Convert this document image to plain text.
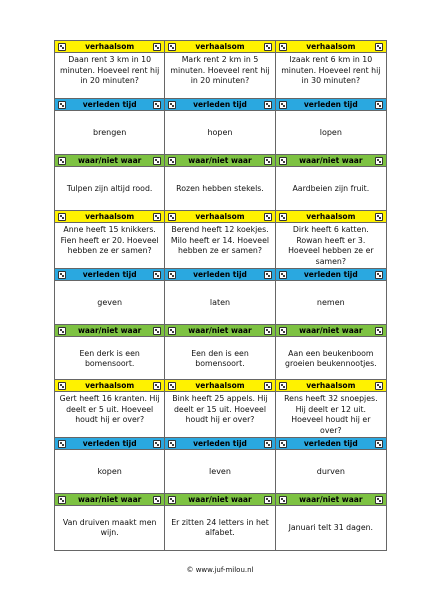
verhaalsom
Daan rent 3 km in 10 minuten. Hoeveel rent hij in 20 minuten?
verleden tijd
brengen
waar/niet waar
Tulpen zijn altijd rood.
verhaalsom
Mark rent 2 km in 5 minuten. Hoeveel rent hij in 20 minuten?
verleden tijd
hopen
waar/niet waar
Rozen hebben stekels.
verhaalsom
Izaak rent 6 km in 10 minuten. Hoeveel rent hij in 30 minuten?
verleden tijd
lopen
waar/niet waar
Aardbeien zijn fruit.
verhaalsom
Anne heeft 15 knikkers. Fien heeft er 20. Hoeveel hebben ze er samen?
verleden tijd
geven
waar/niet waar
Een derk is een bomensoort.
verhaalsom
Berend heeft 12 koekjes. Milo heeft er 14. Hoeveel hebben ze er samen?
verleden tijd
laten
waar/niet waar
Een den is een bomensoort.
verhaalsom
Dirk heeft 6 katten. Rowan heeft er 3. Hoeveel hebben ze er samen?
verleden tijd
nemen
waar/niet waar
Aan een beukenboom groeien beukennootjes.
verhaalsom
Gert heeft 16 kranten. Hij deelt er 5 uit. Hoeveel houdt hij er over?
verleden tijd
kopen
waar/niet waar
Van druiven maakt men wijn.
verhaalsom
Bink heeft 25 appels. Hij deelt er 15 uit. Hoeveel houdt hij er over?
verleden tijd
leven
waar/niet waar
Er zitten 24 letters in het alfabet.
verhaalsom
Rens heeft 32 snoepjes. Hij deelt er 12 uit. Hoeveel houdt hij er over?
verleden tijd
durven
waar/niet waar
Januari telt 31 dagen.
© www.juf-milou.nl
